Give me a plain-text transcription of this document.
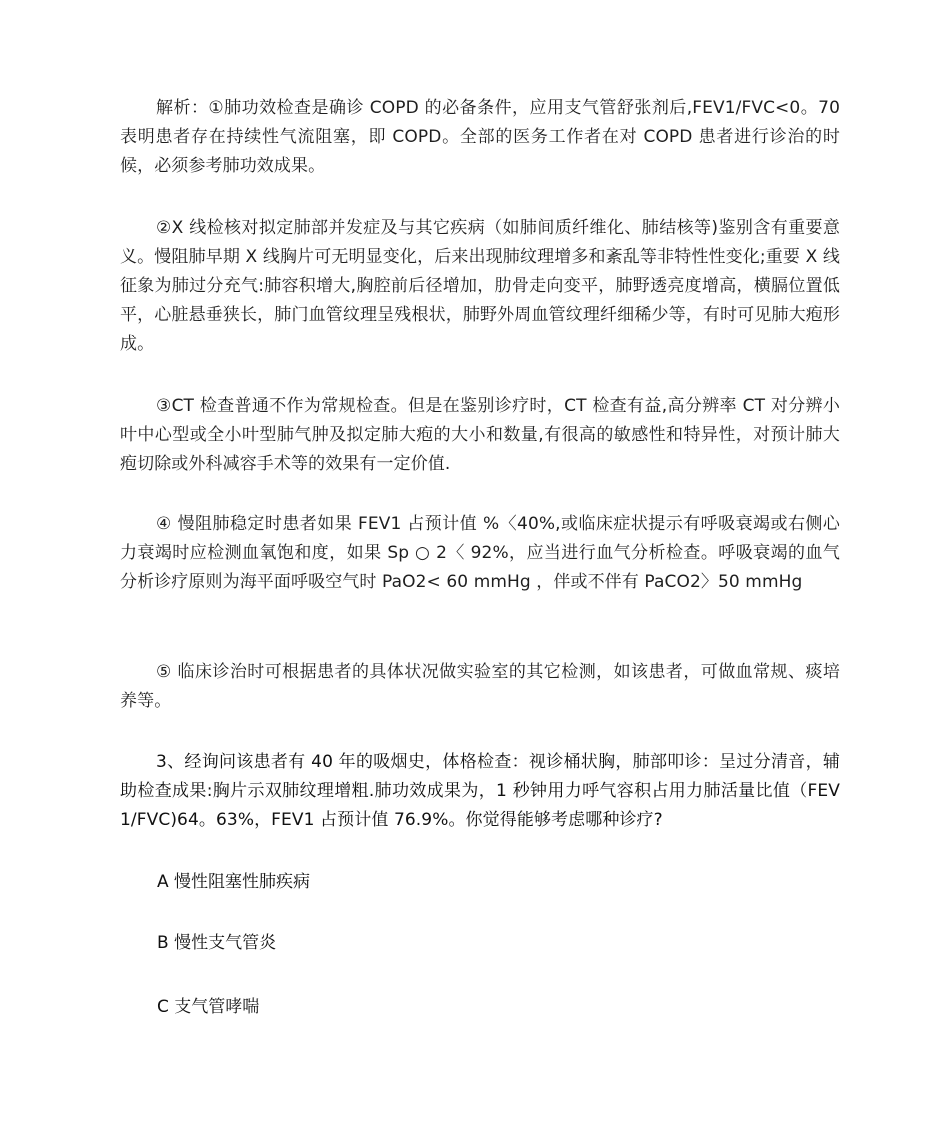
解析：①肺功效检查是确诊 COPD 的必备条件，应用支气管舒张剂后,FEV1/FVC<0。70 表明患者存在持续性气流阻塞，即 COPD。全部的医务工作者在对 COPD 患者进行诊治的时候，必须参考肺功效成果。

②X 线检核对拟定肺部并发症及与其它疾病（如肺间质纤维化、肺结核等)鉴别含有重要意义。慢阻肺早期 X 线胸片可无明显变化，后来出现肺纹理增多和紊乱等非特性性变化;重要 X 线征象为肺过分充气:肺容积增大,胸腔前后径增加，肋骨走向变平，肺野透亮度增高，横膈位置低平，心脏悬垂狭长，肺门血管纹理呈残根状，肺野外周血管纹理纤细稀少等，有时可见肺大疱形成。

③CT 检查普通不作为常规检查。但是在鉴别诊疗时，CT 检查有益,高分辨率 CT 对分辨小叶中心型或全小叶型肺气肿及拟定肺大疱的大小和数量,有很高的敏感性和特异性，对预计肺大疱切除或外科减容手术等的效果有一定价值.

④ 慢阻肺稳定时患者如果 FEV1 占预计值 %〈40%,或临床症状提示有呼吸衰竭或右侧心力衰竭时应检测血氧饱和度，如果 Sp ○ 2〈 92%，应当进行血气分析检查。呼吸衰竭的血气分析诊疗原则为海平面呼吸空气时 PaO2< 60 mmHg ，伴或不伴有 PaCO2〉50 mmHg

⑤ 临床诊治时可根据患者的具体状况做实验室的其它检测，如该患者，可做血常规、痰培养等。

3、经询问该患者有 40 年的吸烟史，体格检查：视诊桶状胸，肺部叩诊：呈过分清音，辅助检查成果:胸片示双肺纹理增粗.肺功效成果为，1 秒钟用力呼气容积占用力肺活量比值（FEV1/FVC)64。63%，FEV1 占预计值 76.9%。你觉得能够考虑哪种诊疗?

A 慢性阻塞性肺疾病

B 慢性支气管炎

C 支气管哮喘
